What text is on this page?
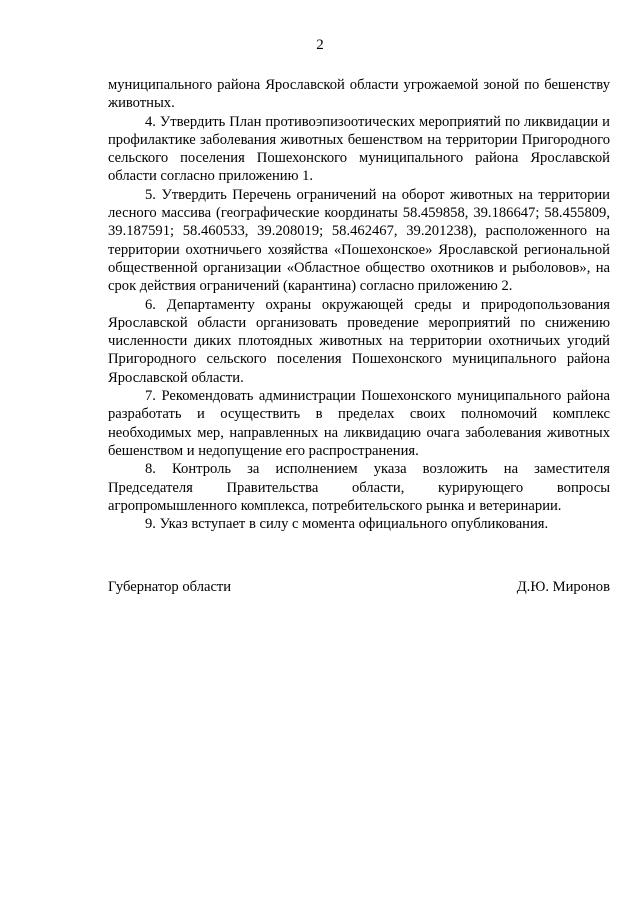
2

муниципального района Ярославской области угрожаемой зоной по бешенству животных.

4. Утвердить План противоэпизоотических мероприятий по ликвидации и профилактике заболевания животных бешенством на территории Пригородного сельского поселения Пошехонского муниципального района Ярославской области согласно приложению 1.

5. Утвердить Перечень ограничений на оборот животных на территории лесного массива (географические координаты 58.459858, 39.186647; 58.455809, 39.187591; 58.460533, 39.208019; 58.462467, 39.201238), расположенного на территории охотничьего хозяйства «Пошехонское» Ярославской региональной общественной организации «Областное общество охотников и рыболовов», на срок действия ограничений (карантина) согласно приложению 2.

6. Департаменту охраны окружающей среды и природопользования Ярославской области организовать проведение мероприятий по снижению численности диких плотоядных животных на территории охотничьих угодий Пригородного сельского поселения Пошехонского муниципального района Ярославской области.

7. Рекомендовать администрации Пошехонского муниципального района разработать и осуществить в пределах своих полномочий комплекс необходимых мер, направленных на ликвидацию очага заболевания животных бешенством и недопущение его распространения.

8. Контроль за исполнением указа возложить на заместителя Председателя Правительства области, курирующего вопросы агропромышленного комплекса, потребительского рынка и ветеринарии.

9. Указ вступает в силу с момента официального опубликования.

Губернатор области	Д.Ю. Миронов
